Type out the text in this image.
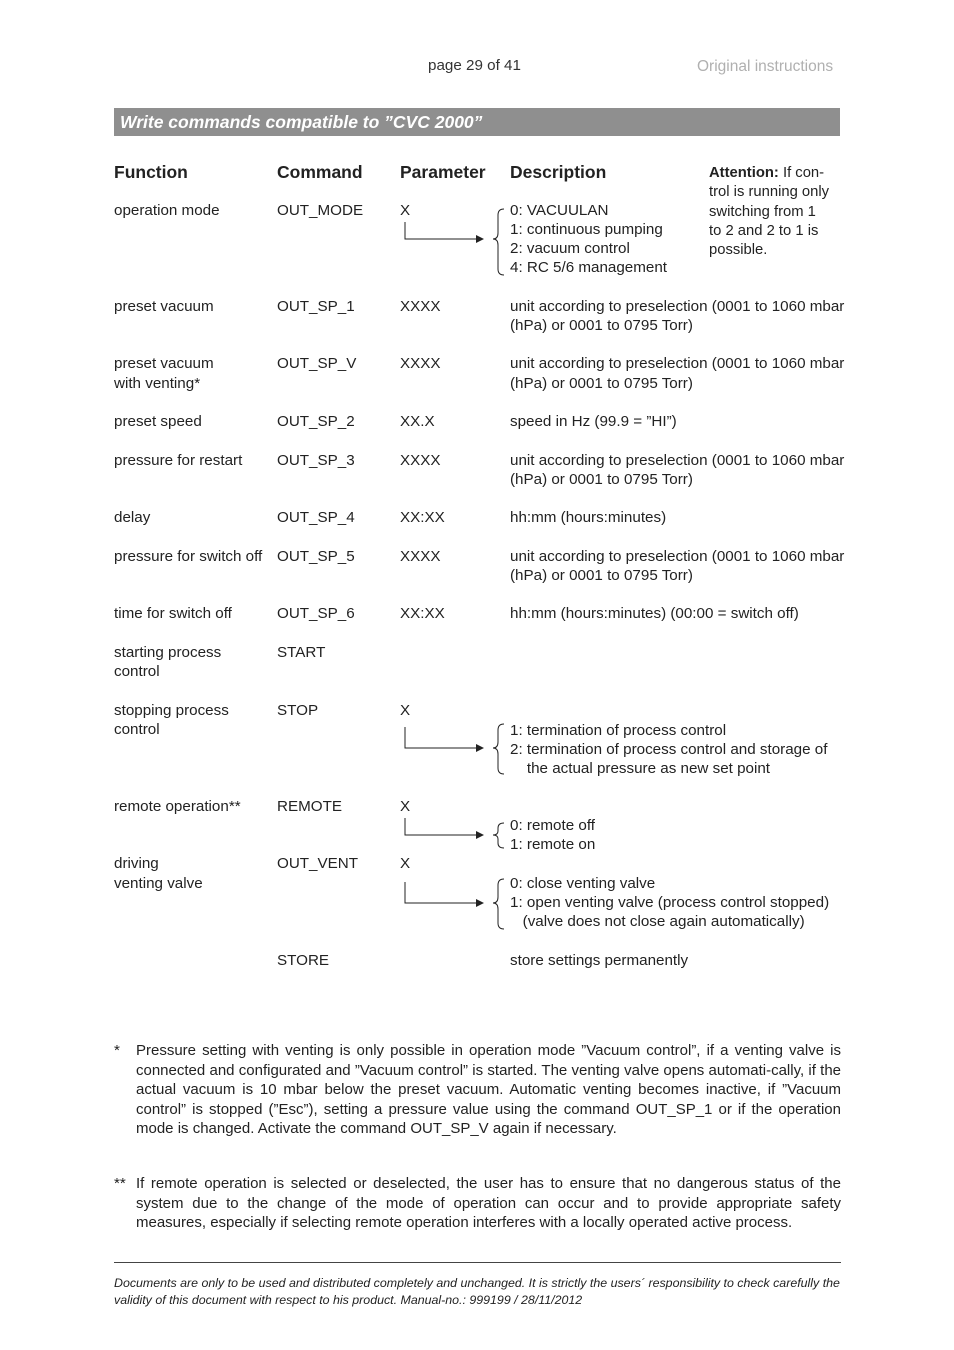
page 29 of 41	Original instructions
Write commands compatible to ”CVC 2000”
Function	Command Parameter Description	Attention: If con-
trol is running only
switching from 1
to 2 and 2 to 1 is
possible.
operation mode	OUT_MODE X	0: VACUULAN
1: continuous pumping
2: vacuum control
4: RC 5/6 management
preset vacuum	OUT_SP_1	XXXX	unit according to preselection (0001 to 1060 mbar
(hPa) or 0001 to 0795 Torr)
preset vacuum
with venting*
OUT_SP_V	XXXX	unit according to preselection (0001 to 1060 mbar
(hPa) or 0001 to 0795 Torr)
preset speed	OUT_SP_2	XX.X	speed in Hz (99.9 = ”HI”)
pressure for restart OUT_SP_3	XXXX	unit according to preselection (0001 to 1060 mbar
(hPa) or 0001 to 0795 Torr)
delay	OUT_SP_4	XX:XX	hh:mm (hours:minutes)
pressure for switch off OUT_SP_5	XXXX	unit according to preselection (0001 to 1060 mbar
(hPa) or 0001 to 0795 Torr)
time for switch off	OUT_SP_6	XX:XX	hh:mm (hours:minutes) (00:00 = switch off)
starting process
control
START
stopping process
control
STOP	X
1: termination of process control
2: termination of process control and storage of
the actual pressure as new set point
remote operation** REMOTE	X
0: remote off
1: remote on
driving
venting valve
OUT_VENT	X
0: close venting valve
1: open venting valve (process control stopped)
(valve does not close again automatically)
STORE	store settings permanently
* Pressure setting with venting is only possible in operation mode ”Vacuum control”, if a venting valve is connected and configurated and ”Vacuum control” is started. The venting valve opens automati-cally, if the actual vacuum is 10 mbar below the preset vacuum. Automatic venting becomes inactive, if ”Vacuum control” is stopped (”Esc”), setting a pressure value using the command OUT_SP_1 or if the operation mode is changed. Activate the command OUT_SP_V again if necessary.
** If remote operation is selected or deselected, the user has to ensure that no dangerous status of the system due to the change of the mode of operation can occur and to provide appropriate safety measures, especially if selecting remote operation interferes with a locally operated active process.
Documents are only to be used and distributed completely and unchanged. It is strictly the users´ responsibility to check carefully the validity of this document with respect to his product. Manual-no.: 999199 / 28/11/2012
